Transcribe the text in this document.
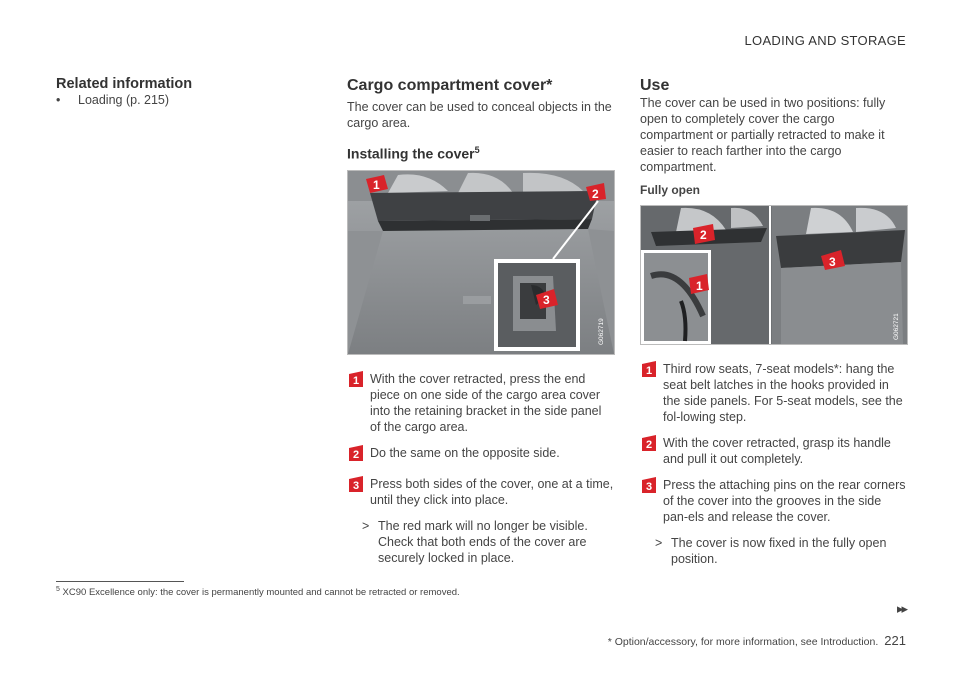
LOADING AND STORAGE
Related information
•	Loading (p. 215)
Cargo compartment cover*

The cover can be used to conceal objects in the cargo area.

Installing the cover$^5$
1
2
3
G062719
1 With the cover retracted, press the end piece on one side of the cargo area cover into the retaining bracket in the side panel of the cargo area.
2 Do the same on the opposite side.
3 Press both sides of the cover, one at a time, until they click into place.
> The red mark will no longer be visible. Check that both ends of the cover are securely locked in place.
Use

The cover can be used in two positions: fully open to completely cover the cargo compartment or partially retracted to make it easier to reach farther into the cargo compartment.

Fully open
2
1
3
G062721
1 Third row seats, 7-seat models*: hang the seat belt latches in the hooks provided in the side panels. For 5-seat models, see the fol-lowing step.
2 With the cover retracted, grasp its handle and pull it out completely.
3 Press the attaching pins on the rear corners of the cover into the grooves in the side pan-els and release the cover.
> The cover is now fixed in the fully open position.
$^5$ XC90 Excellence only: the cover is permanently mounted and cannot be retracted or removed.
▸▸
* Option/accessory, for more information, see Introduction. 221
